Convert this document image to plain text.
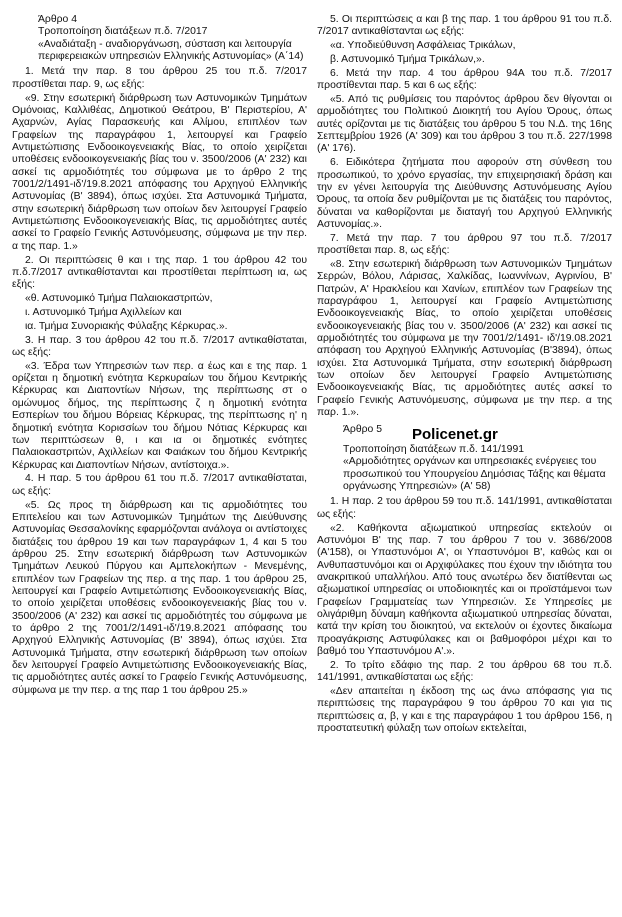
Άρθρο 4
Τροποποίηση διατάξεων π.δ. 7/2017
«Αναδιάταξη - αναδιοργάνωση, σύσταση και λειτουργία περιφερειακών υπηρεσιών Ελληνικής Αστυνομίας» (Α΄14)

1. Μετά την παρ. 8 του άρθρου 25 του π.δ. 7/2017 προστίθεται παρ. 9, ως εξής:

«9. Στην εσωτερική διάρθρωση των Αστυνομικών Τμημάτων Ομόνοιας, Καλλιθέας, Δημοτικού Θεάτρου, Β' Περιστερίου, Α' Αχαρνών, Αγίας Παρασκευής και Αλίμου, επιπλέον των Γραφείων της παραγράφου 1, λειτουργεί και Γραφείο Αντιμετώπισης Ενδοοικογενειακής Βίας, το οποίο χειρίζεται υποθέσεις ενδοοικογενειακής βίας του ν. 3500/2006 (Α' 232) και ασκεί τις αρμοδιότητές του σύμφωνα με το άρθρο 2 της 7001/2/1491-ιδ'/19.8.2021 απόφασης του Αρχηγού Ελληνικής Αστυνομίας (Β' 3894), όπως ισχύει. Στα Αστυνομικά Τμήματα, στην εσωτερική διάρθρωση των οποίων δεν λειτουργεί Γραφείο Αντιμετώπισης Ενδοοικογενειακής Βίας, τις αρμοδιότητες αυτές ασκεί το Γραφείο Γενικής Αστυνόμευσης, σύμφωνα με την περ. α της παρ. 1.»

2. Οι περιπτώσεις θ και ι της παρ. 1 του άρθρου 42 του π.δ.7/2017 αντικαθίστανται και προστίθεται περίπτωση ια, ως εξής:

«θ. Αστυνομικό Τμήμα Παλαιοκαστριτών,

ι. Αστυνομικό Τμήμα Αχιλλείων και

ια. Τμήμα Συνοριακής Φύλαξης Κέρκυρας.».

3. Η παρ. 3 του άρθρου 42 του π.δ. 7/2017 αντικαθίσταται, ως εξής:

«3. Έδρα των Υπηρεσιών των περ. α έως και ε της παρ. 1 ορίζεται η δημοτική ενότητα Κερκυραίων του δήμου Κεντρικής Κέρκυρας και Διαποντίων Νήσων, της περίπτωσης στ ο ομώνυμος δήμος, της περίπτωσης ζ η δημοτική ενότητα Εσπερίων του δήμου Βόρειας Κέρκυρας, της περίπτωσης η' η δημοτική ενότητα Κορισσίων του δήμου Νότιας Κέρκυρας και των περιπτώσεων θ, ι και ια οι δημοτικές ενότητες Παλαιοκαστριτών, Αχιλλείων και Φαιάκων του δήμου Κεντρικής Κέρκυρας και Διαποντίων Νήσων, αντίστοιχα.».

4. Η παρ. 5 του άρθρου 61 του π.δ. 7/2017 αντικαθίσταται, ως εξής:

«5. Ως προς τη διάρθρωση και τις αρμοδιότητες του Επιτελείου και των Αστυνομικών Τμημάτων της Διεύθυνσης Αστυνομίας Θεσσαλονίκης εφαρμόζονται ανάλογα οι αντίστοιχες διατάξεις του άρθρου 19 και των παραγράφων 1, 4 και 5 του άρθρου 25. Στην εσωτερική διάρθρωση των Αστυνομικών Τμημάτων Λευκού Πύργου και Αμπελοκήπων - Μενεμένης, επιπλέον των Γραφείων της περ. α της παρ. 1 του άρθρου 25, λειτουργεί και Γραφείο Αντιμετώπισης Ενδοοικογενειακής Βίας, το οποίο χειρίζεται υποθέσεις ενδοοικογενειακής βίας του ν. 3500/2006 (Α' 232) και ασκεί τις αρμοδιότητές του σύμφωνα με το άρθρο 2 της 7001/2/1491-ιδ'/19.8.2021 απόφασης του Αρχηγού Ελληνικής Αστυνομίας (Β' 3894), όπως ισχύει. Στα Αστυνομικά Τμήματα, στην εσωτερική διάρθρωση των οποίων δεν λειτουργεί Γραφείο Αντιμετώπισης Ενδοοικογενειακής Βίας, τις αρμοδιότητες αυτές ασκεί το Γραφείο Γενικής Αστυνόμευσης, σύμφωνα με την περ. α της παρ 1 του άρθρου 25.»

5. Οι περιπτώσεις α και β της παρ. 1 του άρθρου 91 του π.δ. 7/2017 αντικαθίστανται ως εξής:

«α. Υποδιεύθυνση Ασφάλειας Τρικάλων,

β. Αστυνομικό Τμήμα Τρικάλων,».

6. Μετά την παρ. 4 του άρθρου 94Α του π.δ. 7/2017 προστίθενται παρ. 5 και 6 ως εξής:

«5. Από τις ρυθμίσεις του παρόντος άρθρου δεν θίγονται οι αρμοδιότητες του Πολιτικού Διοικητή του Αγίου Όρους, όπως αυτές ορίζονται με τις διατάξεις του άρθρου 5 του Ν.Δ. της 16ης Σεπτεμβρίου 1926 (Α' 309) και του άρθρου 3 του π.δ. 227/1998 (Α' 176).

6. Ειδικότερα ζητήματα που αφορούν στη σύνθεση του προσωπικού, το χρόνο εργασίας, την επιχειρησιακή δράση και την εν γένει λειτουργία της Διεύθυνσης Αστυνόμευσης Αγίου Όρους, τα οποία δεν ρυθμίζονται με τις διατάξεις του παρόντος, δύναται να καθορίζονται με διαταγή του Αρχηγού Ελληνικής Αστυνομίας.».

7. Μετά την παρ. 7 του άρθρου 97 του π.δ. 7/2017 προστίθεται παρ. 8, ως εξής:

«8. Στην εσωτερική διάρθρωση των Αστυνομικών Τμημάτων Σερρών, Βόλου, Λάρισας, Χαλκίδας, Ιωαννίνων, Αγρινίου, Β' Πατρών, Α' Ηρακλείου και Χανίων, επιπλέον των Γραφείων της παραγράφου 1, λειτουργεί και Γραφείο Αντιμετώπισης Ενδοοικογενειακής Βίας, το οποίο χειρίζεται υποθέσεις ενδοοικογενειακής βίας του ν. 3500/2006 (Α' 232) και ασκεί τις αρμοδιότητές του σύμφωνα με την 7001/2/1491- ιδ'/19.08.2021 απόφαση του Αρχηγού Ελληνικής Αστυνομίας (Β'3894), όπως ισχύει. Στα Αστυνομικά Τμήματα, στην εσωτερική διάρθρωση των οποίων δεν λειτουργεί Γραφείο Αντιμετώπισης Ενδοοικογενειακής Βίας, τις αρμοδιότητες αυτές ασκεί το Γραφείο Γενικής Αστυνόμευσης, σύμφωνα με την περ. α της παρ. 1.».

Άρθρο 5 Policenet.gr
Τροποποίηση διατάξεων π.δ. 141/1991
«Αρμοδιότητες οργάνων και υπηρεσιακές ενέργειες του προσωπικού του Υπουργείου Δημόσιας Τάξης και θέματα οργάνωσης Υπηρεσιών» (Α' 58)

1. Η παρ. 2 του άρθρου 59 του π.δ. 141/1991, αντικαθίσταται ως εξής:

«2. Καθήκοντα αξιωματικού υπηρεσίας εκτελούν οι Αστυνόμοι Β' της παρ. 7 του άρθρου 7 του ν. 3686/2008 (Α'158), οι Υπαστυνόμοι Α', οι Υπαστυνόμοι Β', καθώς και οι Ανθυπαστυνόμοι και οι Αρχιφύλακες που έχουν την ιδιότητα του ανακριτικού υπαλλήλου. Από τους ανωτέρω δεν διατίθενται ως αξιωματικοί υπηρεσίας οι υποδιοικητές και οι προϊστάμενοι των Γραφείων Γραμματείας των Υπηρεσιών. Σε Υπηρεσίες με ολιγάριθμη δύναμη καθήκοντα αξιωματικού υπηρεσίας δύναται, κατά την κρίση του διοικητού, να εκτελούν οι έχοντες δικαίωμα προαγάκρισης Αστυφύλακες και οι βαθμοφόροι μέχρι και το βαθμό του Υπαστυνόμου Α'.».

2. Το τρίτο εδάφιο της παρ. 2 του άρθρου 68 του π.δ. 141/1991, αντικαθίσταται ως εξής:

«Δεν απαιτείται η έκδοση της ως άνω απόφασης για τις περιπτώσεις της παραγράφου 9 του άρθρου 70 και για τις περιπτώσεις α, β, γ και ε της παραγράφου 1 του άρθρου 156, η προστατευτική φύλαξη των οποίων εκτελείται,
